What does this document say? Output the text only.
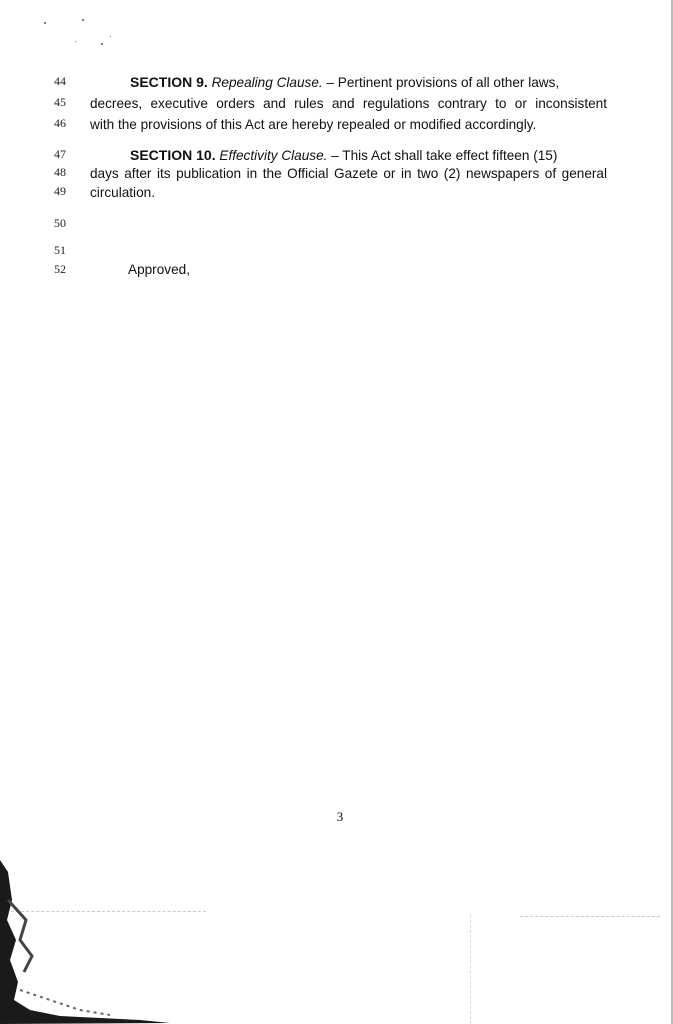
44
45
46
47
48
49
50
51
52
SECTION 9. Repealing Clause. – Pertinent provisions of all other laws,
decrees, executive orders and rules and regulations contrary to or inconsistent
with the provisions of this Act are hereby repealed or modified accordingly.
SECTION 10. Effectivity Clause. – This Act shall take effect fifteen (15)
days after its publication in the Official Gazete or in two (2) newspapers of general
circulation.
Approved,
3
